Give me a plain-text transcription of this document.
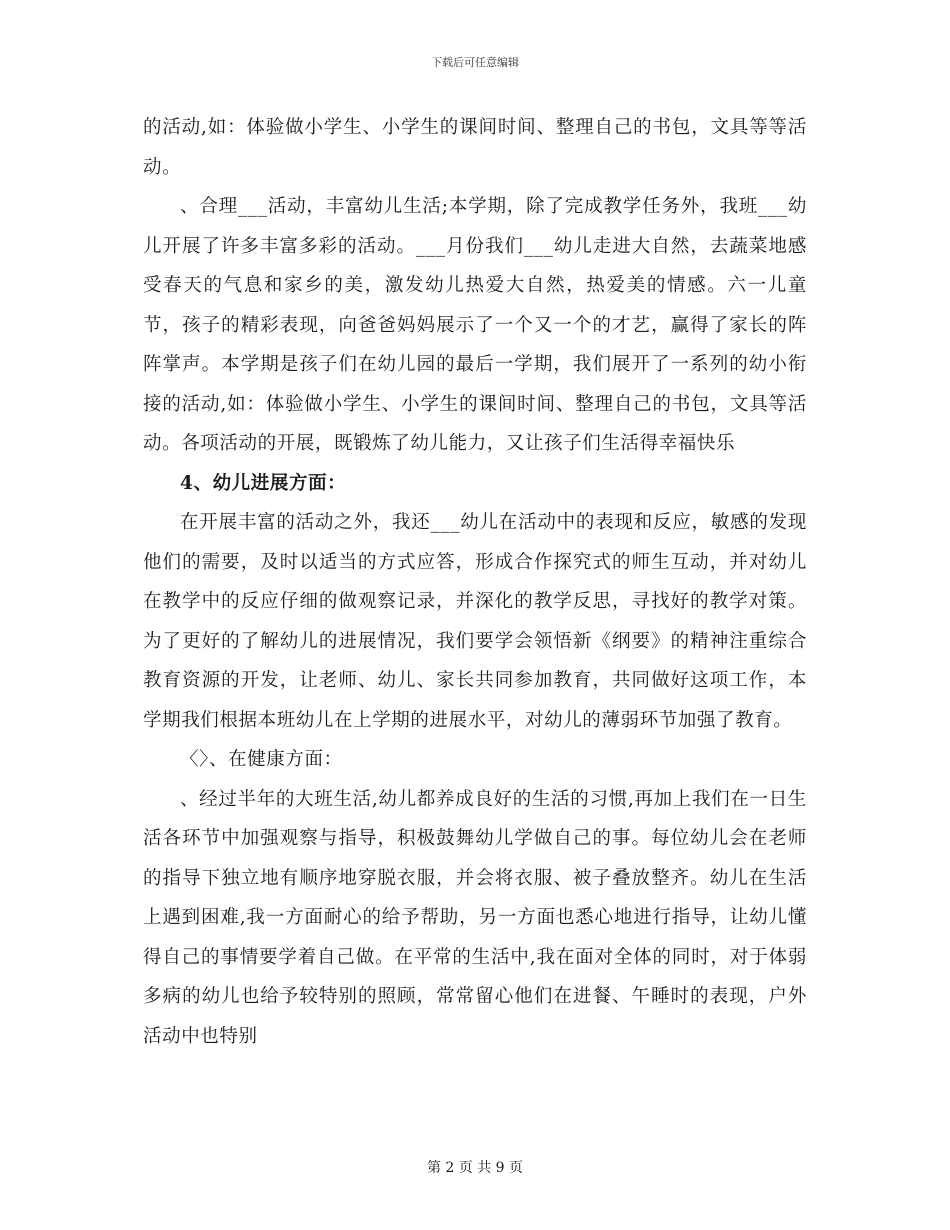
下载后可任意编辑

的活动,如：体验做小学生、小学生的课间时间、整理自己的书包，文具等等活动。

、合理___活动，丰富幼儿生活;本学期，除了完成教学任务外，我班___幼儿开展了许多丰富多彩的活动。___月份我们___幼儿走进大自然，去蔬菜地感受春天的气息和家乡的美，激发幼儿热爱大自然，热爱美的情感。六一儿童节，孩子的精彩表现，向爸爸妈妈展示了一个又一个的才艺，赢得了家长的阵阵掌声。本学期是孩子们在幼儿园的最后一学期，我们展开了一系列的幼小衔接的活动,如：体验做小学生、小学生的课间时间、整理自己的书包，文具等活动。各项活动的开展，既锻炼了幼儿能力，又让孩子们生活得幸福快乐

4、幼儿进展方面：

在开展丰富的活动之外，我还___幼儿在活动中的表现和反应，敏感的发现他们的需要，及时以适当的方式应答，形成合作探究式的师生互动，并对幼儿在教学中的反应仔细的做观察记录，并深化的教学反思，寻找好的教学对策。为了更好的了解幼儿的进展情况，我们要学会领悟新《纲要》的精神注重综合教育资源的开发，让老师、幼儿、家长共同参加教育，共同做好这项工作，本学期我们根据本班幼儿在上学期的进展水平，对幼儿的薄弱环节加强了教育。

〈〉、在健康方面：

、经过半年的大班生活,幼儿都养成良好的生活的习惯,再加上我们在一日生活各环节中加强观察与指导，积极鼓舞幼儿学做自己的事。每位幼儿会在老师的指导下独立地有顺序地穿脱衣服，并会将衣服、被子叠放整齐。幼儿在生活上遇到困难,我一方面耐心的给予帮助，另一方面也悉心地进行指导，让幼儿懂得自己的事情要学着自己做。在平常的生活中,我在面对全体的同时，对于体弱多病的幼儿也给予较特别的照顾，常常留心他们在进餐、午睡时的表现，户外活动中也特别

第 2 页 共 9 页
